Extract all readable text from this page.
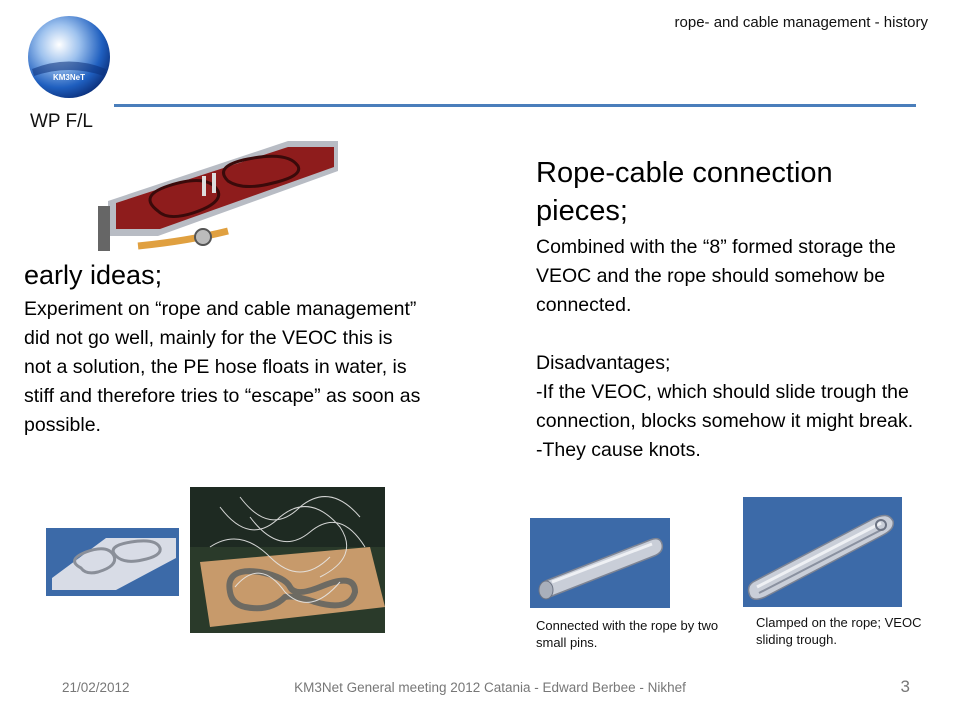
rope- and cable management - history
KM3NeT
WP F/L
early ideas;
Experiment on “rope and cable management” did not go well, mainly for the VEOC this is not a solution, the PE hose floats in water, is stiff and therefore tries to “escape” as soon as possible.
Rope-cable connection pieces;

Combined with the “8” formed storage the VEOC and the rope should somehow be connected.

Disadvantages;

-If the VEOC, which should slide trough the connection, blocks somehow it might break.

-They cause knots.

Connected with the rope by two small pins.
Clamped on the rope; VEOC sliding trough.
21/02/2012	KM3Net General meeting 2012 Catania - Edward Berbee - Nikhef	3
